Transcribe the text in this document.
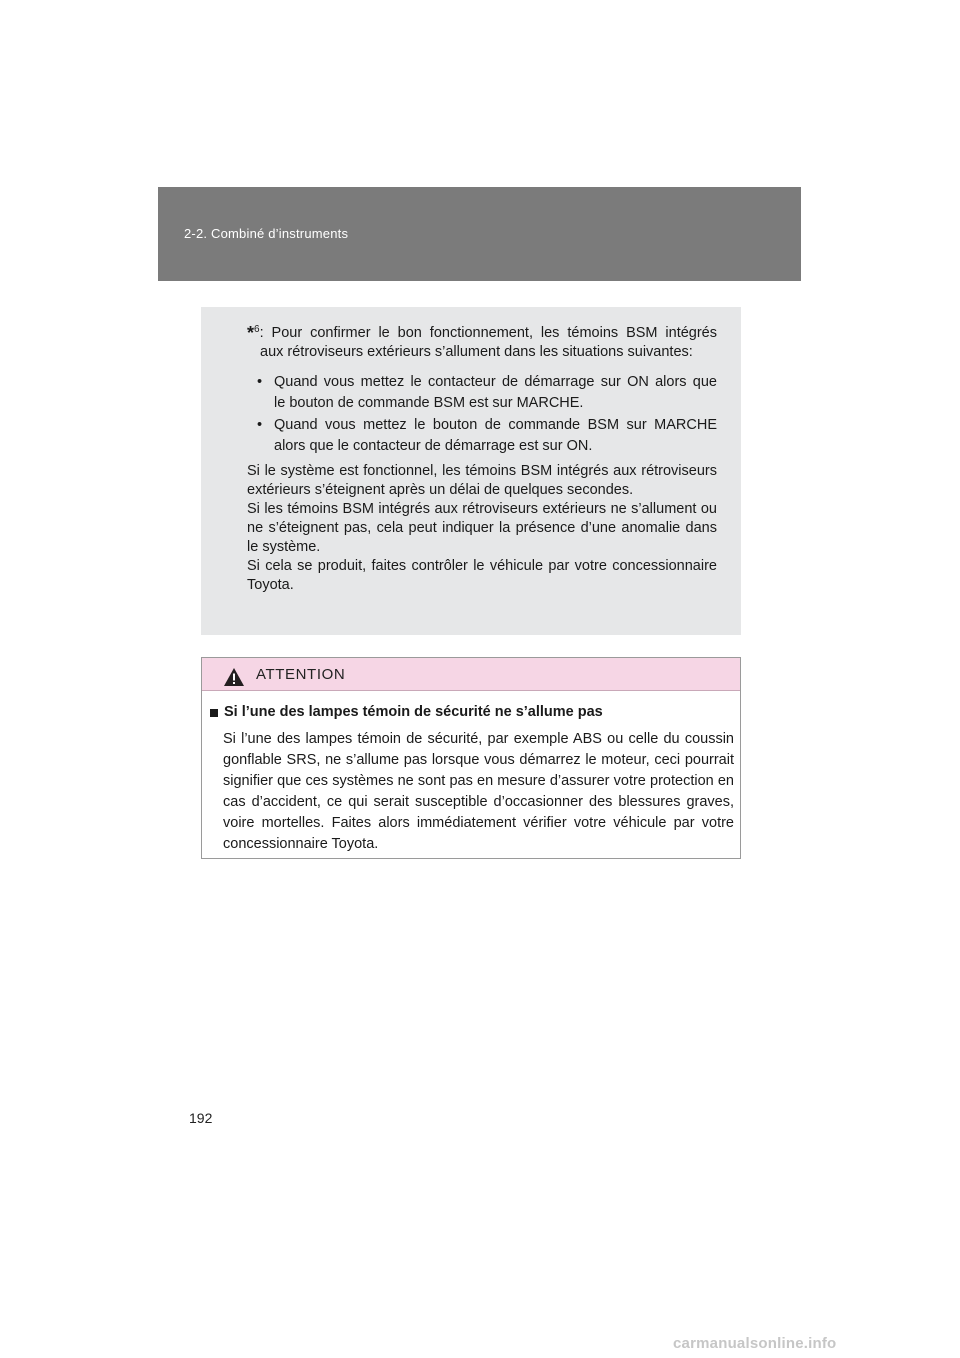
2-2. Combiné d’instruments
*$^6$: Pour confirmer le bon fonctionnement, les témoins BSM intégrés
aux rétroviseurs extérieurs s’allument dans les situations suivantes:
• Quand vous mettez le contacteur de démarrage sur ON alors que
le bouton de commande BSM est sur MARCHE.
• Quand vous mettez le bouton de commande BSM sur MARCHE
alors que le contacteur de démarrage est sur ON.
Si le système est fonctionnel, les témoins BSM intégrés aux rétroviseurs extérieurs s’éteignent après un délai de quelques secondes.
Si les témoins BSM intégrés aux rétroviseurs extérieurs ne s’allument ou ne s’éteignent pas, cela peut indiquer la présence d’une anomalie dans le système.
Si cela se produit, faites contrôler le véhicule par votre concessionnaire Toyota.
ATTENTION
Si l’une des lampes témoin de sécurité ne s’allume pas
Si l’une des lampes témoin de sécurité, par exemple ABS ou celle du coussin gonflable SRS, ne s’allume pas lorsque vous démarrez le moteur, ceci pourrait signifier que ces systèmes ne sont pas en mesure d’assurer votre protection en cas d’accident, ce qui serait susceptible d’occasionner des blessures graves, voire mortelles. Faites alors immédiatement vérifier votre véhicule par votre concessionnaire Toyota.
192
carmanualsonline.info
